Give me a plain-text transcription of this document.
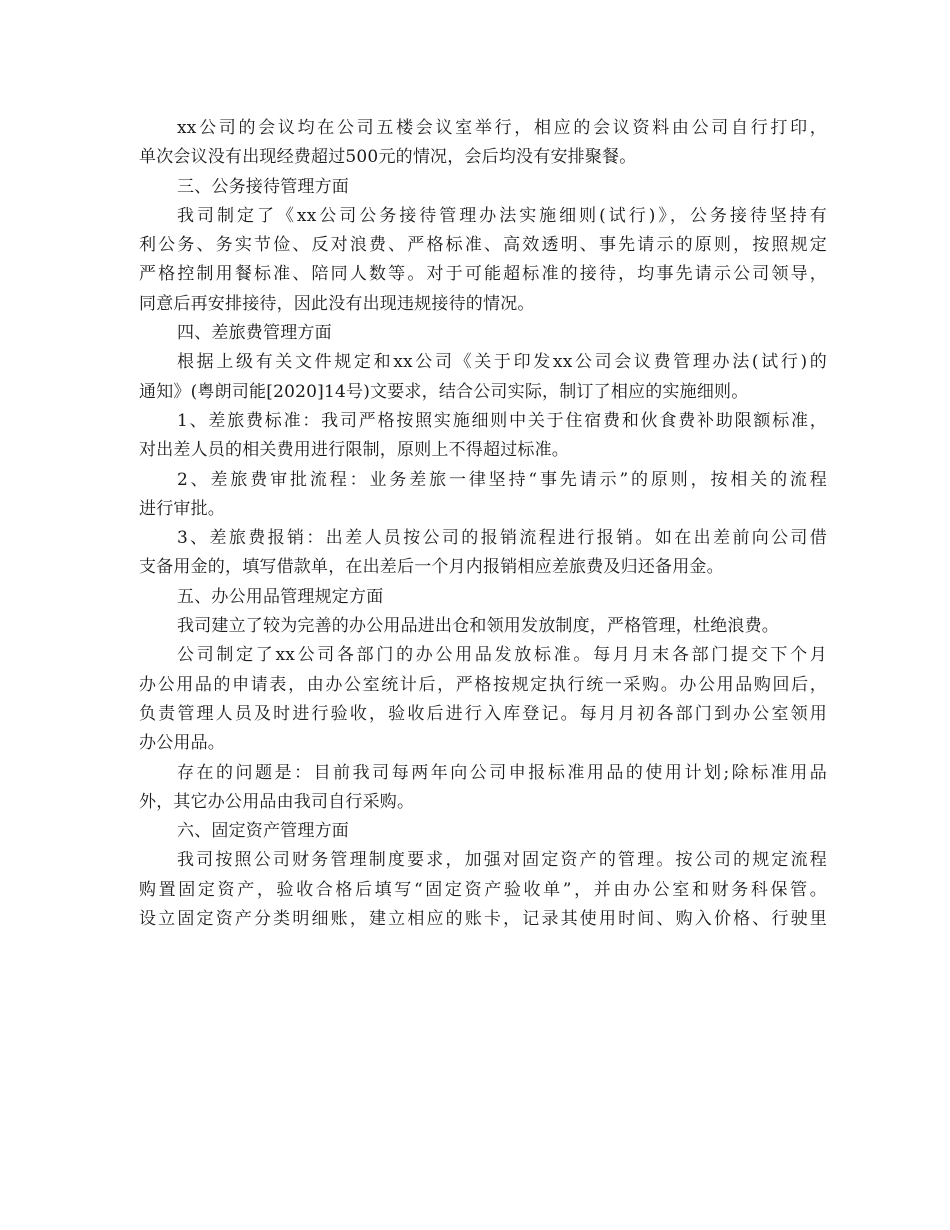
xx公司的会议均在公司五楼会议室举行，相应的会议资料由公司自行打印，
单次会议没有出现经费超过500元的情况，会后均没有安排聚餐。
三、公务接待管理方面
我司制定了《xx公司公务接待管理办法实施细则(试行)》，公务接待坚持有
利公务、务实节俭、反对浪费、严格标准、高效透明、事先请示的原则，按照规定
严格控制用餐标准、陪同人数等。对于可能超标准的接待，均事先请示公司领导，
同意后再安排接待，因此没有出现违规接待的情况。
四、差旅费管理方面
根据上级有关文件规定和xx公司《关于印发xx公司会议费管理办法(试行)的
通知》(粤朗司能[2020]14号)文要求，结合公司实际，制订了相应的实施细则。
1、差旅费标准：我司严格按照实施细则中关于住宿费和伙食费补助限额标准，
对出差人员的相关费用进行限制，原则上不得超过标准。
2、差旅费审批流程：业务差旅一律坚持“事先请示”的原则，按相关的流程
进行审批。
3、差旅费报销：出差人员按公司的报销流程进行报销。如在出差前向公司借
支备用金的，填写借款单，在出差后一个月内报销相应差旅费及归还备用金。
五、办公用品管理规定方面
我司建立了较为完善的办公用品进出仓和领用发放制度，严格管理，杜绝浪费。
公司制定了xx公司各部门的办公用品发放标准。每月月末各部门提交下个月
办公用品的申请表，由办公室统计后，严格按规定执行统一采购。办公用品购回后，
负责管理人员及时进行验收，验收后进行入库登记。每月月初各部门到办公室领用
办公用品。
存在的问题是：目前我司每两年向公司申报标准用品的使用计划;除标准用品
外，其它办公用品由我司自行采购。
六、固定资产管理方面
我司按照公司财务管理制度要求，加强对固定资产的管理。按公司的规定流程
购置固定资产，验收合格后填写“固定资产验收单”，并由办公室和财务科保管。
设立固定资产分类明细账，建立相应的账卡，记录其使用时间、购入价格、行驶里
